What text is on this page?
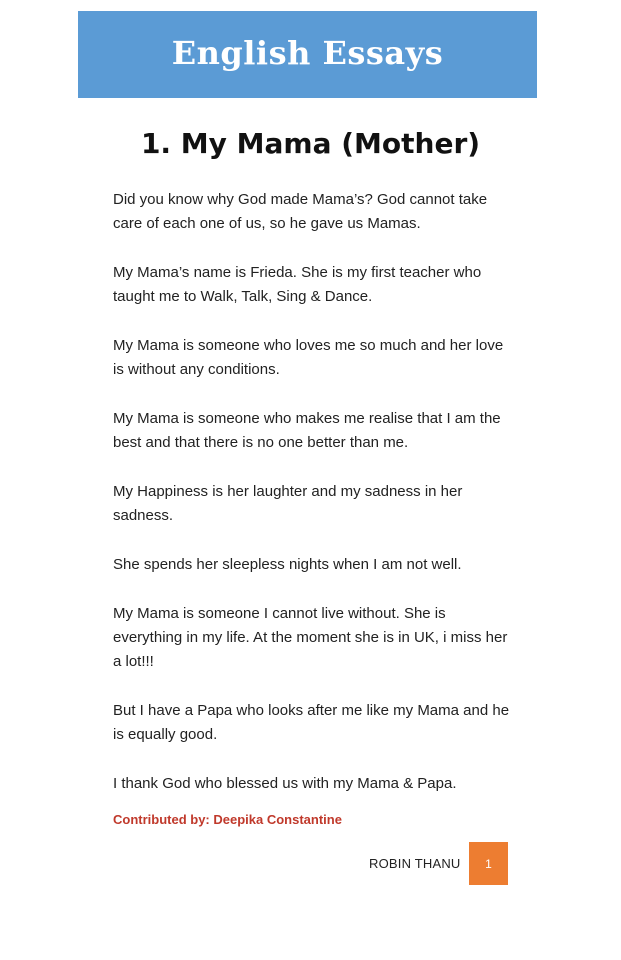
English Essays
1. My Mama (Mother)

Did you know why God made Mama’s? God cannot take care of each one of us, so he gave us Mamas.

My Mama’s name is Frieda. She is my first teacher who taught me to Walk, Talk, Sing & Dance.

My Mama is someone who loves me so much and her love is without any conditions.

My Mama is someone who makes me realise that I am the best and that there is no one better than me.

My Happiness is her laughter and my sadness in her sadness.

She spends her sleepless nights when I am not well.

My Mama is someone I cannot live without. She is everything in my life. At the moment she is in UK, i miss her a lot!!!

But I have a Papa who looks after me like my Mama and he is equally good.

I thank God who blessed us with my Mama & Papa.

Contributed by: Deepika Constantine
ROBIN THANU 1
